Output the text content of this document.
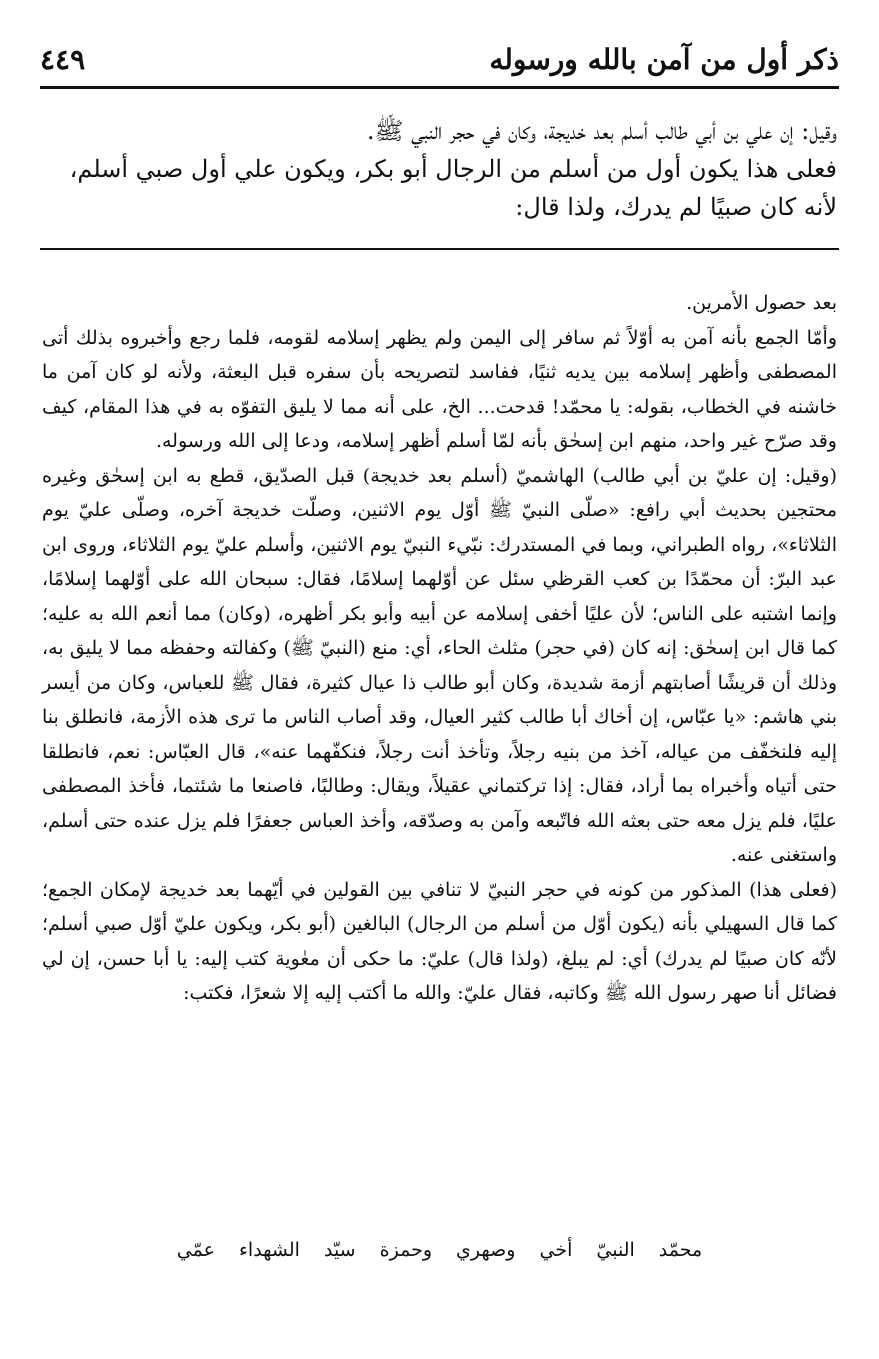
ذكر أول من آمن بالله ورسوله
٤٤٩

وقيل: إن علي بن أبي طالب أسلم بعد خديجة، وكان في حجر النبي ﷺ.

فعلى هذا يكون أول من أسلم من الرجال أبو بكر، ويكون علي أول صبي أسلم،

لأنه كان صبيًا لم يدرك، ولذا قال:

بعد حصول الأمرين.

وأمّا الجمع بأنه آمن به أوّلاً ثم سافر إلى اليمن ولم يظهر إسلامه لقومه، فلما رجع وأخبروه بذلك أتى المصطفى وأظهر إسلامه بين يديه ثنيًا، ففاسد لتصريحه بأن سفره قبل البعثة، ولأنه لو كان آمن ما خاشنه في الخطاب، بقوله: يا محمّد! قدحت... الخ، على أنه مما لا يليق التفوّه به في هذا المقام، كيف وقد صرّح غير واحد، منهم ابن إسحٰق بأنه لمّا أسلم أظهر إسلامه، ودعا إلى الله ورسوله.

(وقيل: إن عليّ بن أبي طالب) الهاشميّ (أسلم بعد خديجة) قبل الصدّيق، قطع به ابن إسحٰق وغيره محتجين بحديث أبي رافع: «صلّى النبيّ ﷺ أوّل يوم الاثنين، وصلّت خديجة آخره، وصلّى عليّ يوم الثلاثاء»، رواه الطبراني، وبما في المستدرك: نبّيء النبيّ يوم الاثنين، وأسلم عليّ يوم الثلاثاء، وروى ابن عبد البرّ: أن محمّدًا بن كعب القرظي سئل عن أوّلهما إسلامًا، فقال: سبحان الله على أوّلهما إسلامًا، وإنما اشتبه على الناس؛ لأن عليًا أخفى إسلامه عن أبيه وأبو بكر أظهره، (وكان) مما أنعم الله به عليه؛ كما قال ابن إسحٰق: إنه كان (في حجر) مثلث الحاء، أي: منع (النبيّ ﷺ) وكفالته وحفظه مما لا يليق به، وذلك أن قريشًا أصابتهم أزمة شديدة، وكان أبو طالب ذا عيال كثيرة، فقال ﷺ للعباس، وكان من أيسر بني هاشم: «يا عبّاس، إن أخاك أبا طالب كثير العيال، وقد أصاب الناس ما ترى هذه الأزمة، فانطلق بنا إليه فلنخفّف من عياله، آخذ من بنيه رجلاً، وتأخذ أنت رجلاً، فنكفّهما عنه»، قال العبّاس: نعم، فانطلقا حتى أتياه وأخبراه بما أراد، فقال: إذا تركتماني عقيلاً، ويقال: وطالبًا، فاصنعا ما شئتما، فأخذ المصطفى عليًا، فلم يزل معه حتى بعثه الله فاتّبعه وآمن به وصدّقه، وأخذ العباس جعفرًا فلم يزل عنده حتى أسلم، واستغنى عنه.

(فعلى هذا) المذكور من كونه في حجر النبيّ لا تنافي بين القولين في أيّهما بعد خديجة لإمكان الجمع؛ كما قال السهيلي بأنه (يكون أوّل من أسلم من الرجال) البالغين (أبو بكر، ويكون عليّ أوّل صبي أسلم؛ لأنّه كان صبيًا لم يدرك) أي: لم يبلغ، (ولذا قال) عليّ: ما حكى أن معٰوية كتب إليه: يا أبا حسن، إن لي فضائل أنا صهر رسول الله ﷺ وكاتبه، فقال عليّ: والله ما أكتب إليه إلا شعرًا، فكتب:

محمّد النبيّ أخي وصهري وحمزة سيّد الشهداء عمّي
